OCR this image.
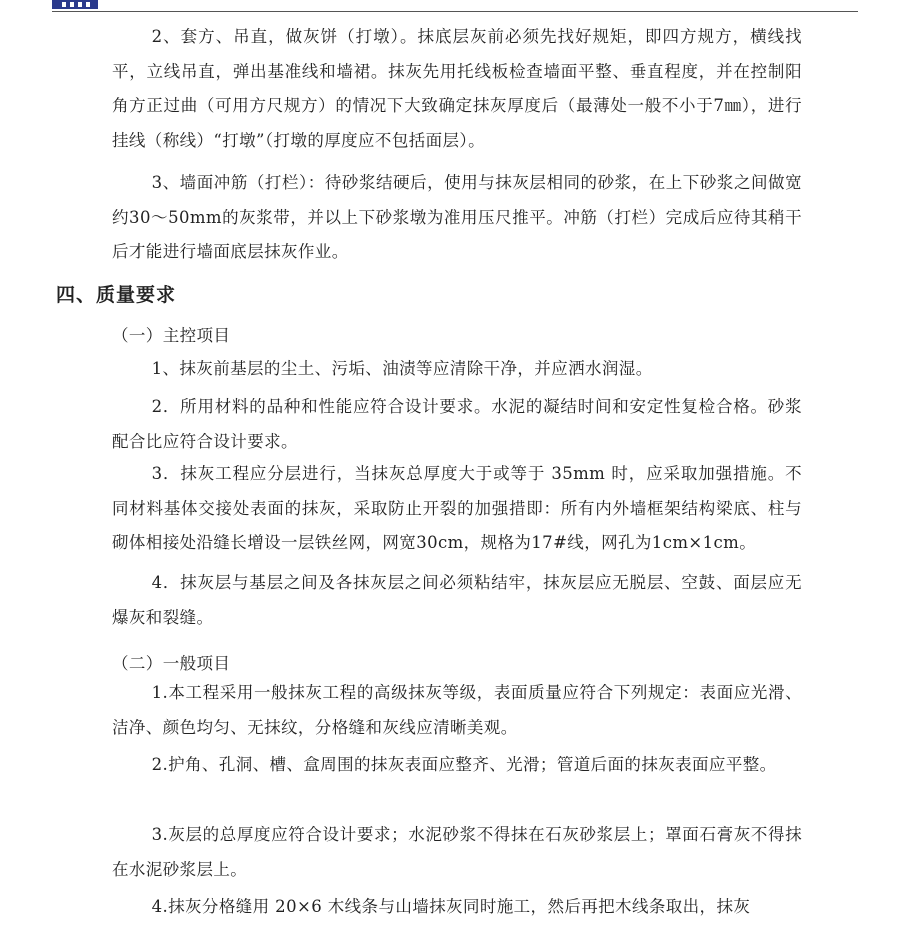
2、套方、吊直，做灰饼（打墩）。抹底层灰前必须先找好规矩，即四方规方，横线找平，立线吊直，弹出基准线和墙裙。抹灰先用托线板检查墙面平整、垂直程度，并在控制阳角方正过曲（可用方尺规方）的情况下大致确定抹灰厚度后（最薄处一般不小于7㎜），进行挂线（称线）“打墩”（打墩的厚度应不包括面层）。

3、墙面冲筋（打栏）：待砂浆结硬后，使用与抹灰层相同的砂浆，在上下砂浆之间做宽约30～50mm的灰浆带，并以上下砂浆墩为准用压尺推平。冲筋（打栏）完成后应待其稍干后才能进行墙面底层抹灰作业。

四、质量要求

（一）主控项目

1、抹灰前基层的尘土、污垢、油渍等应清除干净，并应洒水润湿。

2．所用材料的品种和性能应符合设计要求。水泥的凝结时间和安定性复检合格。砂浆配合比应符合设计要求。

3．抹灰工程应分层进行，当抹灰总厚度大于或等于 35mm 时，应采取加强措施。不同材料基体交接处表面的抹灰，采取防止开裂的加强措即：所有内外墙框架结构梁底、柱与砌体相接处沿缝长增设一层铁丝网，网宽30cm，规格为17#线，网孔为1cm×1cm。

4．抹灰层与基层之间及各抹灰层之间必须粘结牢，抹灰层应无脱层、空鼓、面层应无爆灰和裂缝。

（二）一般项目

1.本工程采用一般抹灰工程的高级抹灰等级，表面质量应符合下列规定：表面应光滑、洁净、颜色均匀、无抹纹，分格缝和灰线应清晰美观。

2.护角、孔洞、槽、盒周围的抹灰表面应整齐、光滑；管道后面的抹灰表面应平整。

3.灰层的总厚度应符合设计要求；水泥砂浆不得抹在石灰砂浆层上；罩面石膏灰不得抹在水泥砂浆层上。

4.抹灰分格缝用 20×6 木线条与山墙抹灰同时施工，然后再把木线条取出，抹灰
